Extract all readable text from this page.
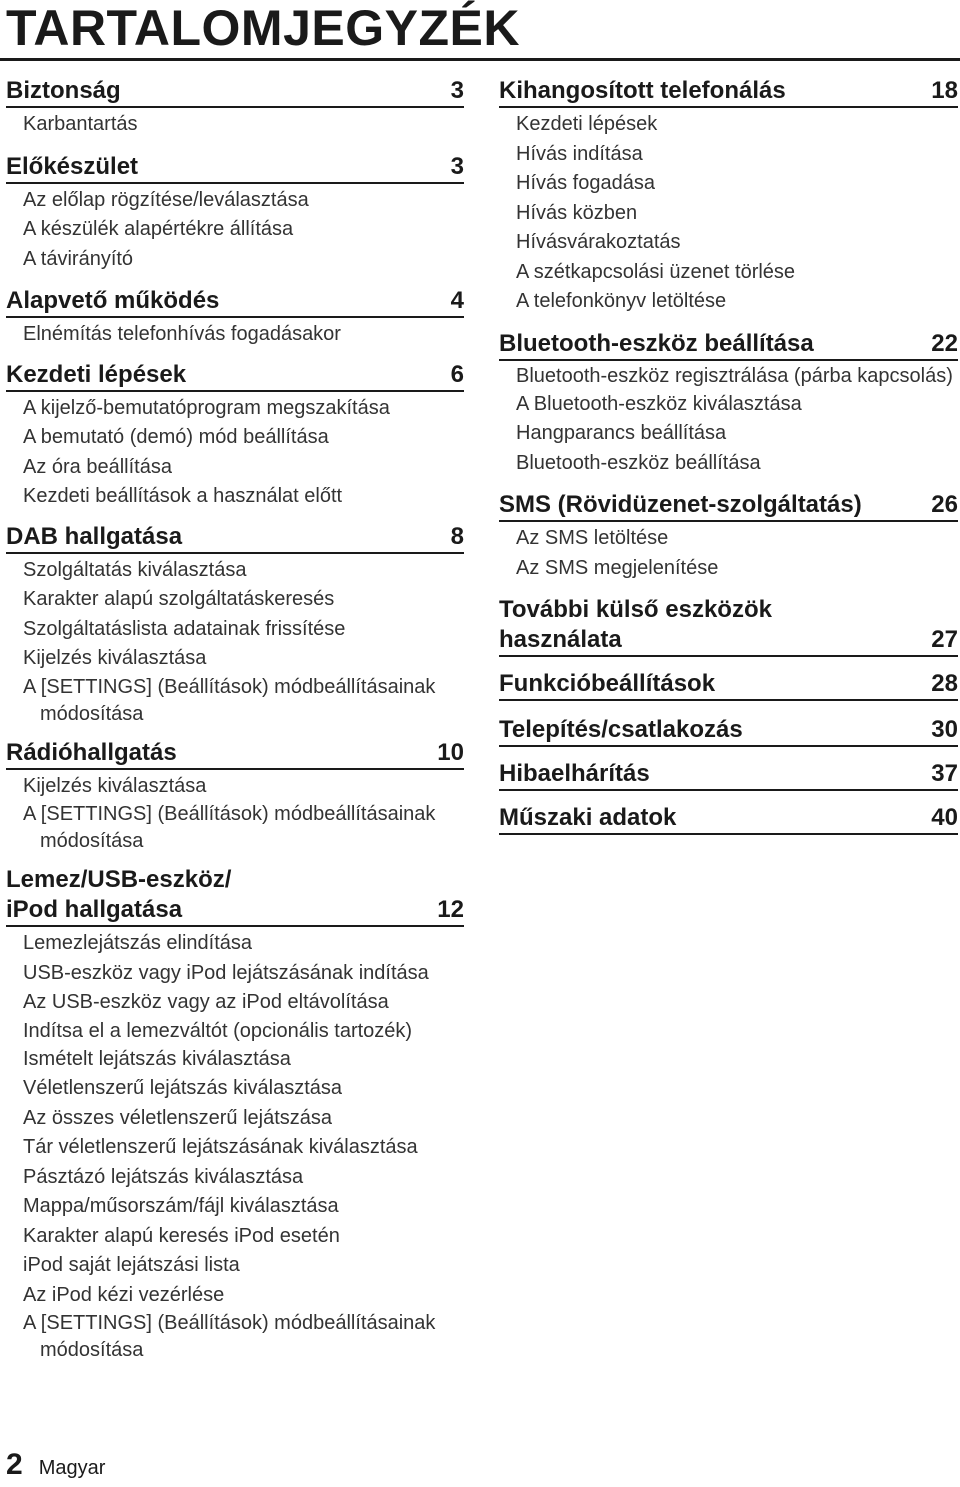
TARTALOMJEGYZÉK
Biztonság	3
Karbantartás
Előkészület	3
Az előlap rögzítése/leválasztása
A készülék alapértékre állítása
A távirányító
Alapvető működés	4
Elnémítás telefonhívás fogadásakor
Kezdeti lépések	6
A kijelző-bemutatóprogram megszakítása
A bemutató (demó) mód beállítása
Az óra beállítása
Kezdeti beállítások a használat előtt
DAB hallgatása	8
Szolgáltatás kiválasztása
Karakter alapú szolgáltatáskeresés
Szolgáltatáslista adatainak frissítése
Kijelzés kiválasztása
A [SETTINGS] (Beállítások) módbeállításainak módosítása
Rádióhallgatás	10
Kijelzés kiválasztása
A [SETTINGS] (Beállítások) módbeállításainak módosítása
Lemez/USB-eszköz/
iPod hallgatása	12
Lemezlejátszás elindítása
USB-eszköz vagy iPod lejátszásának indítása
Az USB-eszköz vagy az iPod eltávolítása
Indítsa el a lemezváltót (opcionális tartozék)
Ismételt lejátszás kiválasztása
Véletlenszerű lejátszás kiválasztása
Az összes véletlenszerű lejátszása
Tár véletlenszerű lejátszásának kiválasztása
Pásztázó lejátszás kiválasztása
Mappa/műsorszám/fájl kiválasztása
Karakter alapú keresés iPod esetén
iPod saját lejátszási lista
Az iPod kézi vezérlése
A [SETTINGS] (Beállítások) módbeállításainak módosítása
Kihangosított telefonálás	18
Kezdeti lépések
Hívás indítása
Hívás fogadása
Hívás közben
Hívásvárakoztatás
A szétkapcsolási üzenet törlése
A telefonkönyv letöltése
Bluetooth-eszköz beállítása	22
Bluetooth-eszköz regisztrálása (párba kapcsolás)
A Bluetooth-eszköz kiválasztása
Hangparancs beállítása
Bluetooth-eszköz beállítása
SMS (Rövidüzenet-szolgáltatás)	26
Az SMS letöltése
Az SMS megjelenítése
További külső eszközök
használata	27
Funkcióbeállítások	28
Telepítés/csatlakozás	30
Hibaelhárítás	37
Műszaki adatok	40
2 Magyar
